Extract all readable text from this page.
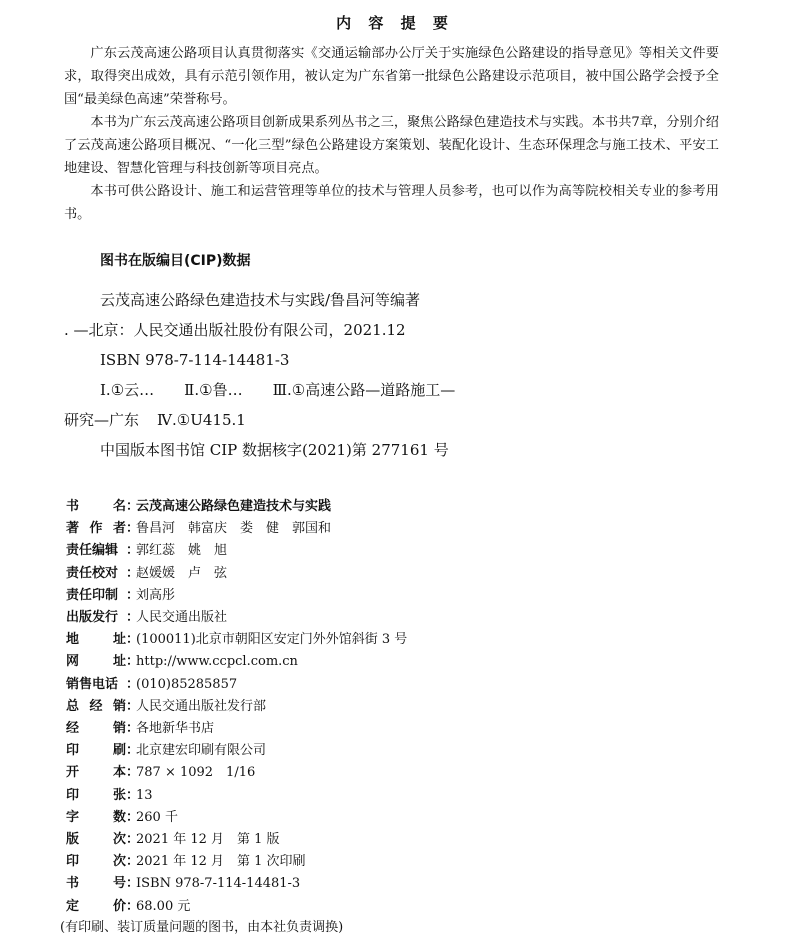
内 容 提 要

广东云茂高速公路项目认真贯彻落实《交通运输部办公厅关于实施绿色公路建设的指导意见》等相关文件要求，取得突出成效，具有示范引领作用，被认定为广东省第一批绿色公路建设示范项目，被中国公路学会授予全国“最美绿色高速”荣誉称号。

本书为广东云茂高速公路项目创新成果系列丛书之三，聚焦公路绿色建造技术与实践。本书共7章，分别介绍了云茂高速公路项目概况、“一化三型”绿色公路建设方案策划、装配化设计、生态环保理念与施工技术、平安工地建设、智慧化管理与科技创新等项目亮点。

本书可供公路设计、施工和运营管理等单位的技术与管理人员参考，也可以作为高等院校相关专业的参考用书。

图书在版编目(CIP)数据
云茂高速公路绿色建造技术与实践/鲁昌河等编著
. —北京：人民交通出版社股份有限公司，2021.12
ISBN 978-7-114-14481-3
Ⅰ.①云… Ⅱ.①鲁… Ⅲ.①高速公路—道路施工—
研究—广东 Ⅳ.①U415.1
中国版本图书馆 CIP 数据核字(2021)第 277161 号
书	名 ：
云茂高速公路绿色建造技术与实践
著 作 者 ：
鲁昌河　韩富庆　娄　健　郭国和
责任编辑 ：
郭红蕊　姚　旭
责任校对 ：
赵媛媛　卢　弦
责任印制 ：
刘高彤
出版发行 ：
人民交通出版社
地	址 ：
(100011)北京市朝阳区安定门外外馆斜街 3 号
网	址 ：
http://www.ccpcl.com.cn
销售电话 ：
(010)85285857
总 经 销 ：
人民交通出版社发行部
经	销 ：
各地新华书店
印	刷 ：
北京建宏印刷有限公司
开	本 ：
787 × 1092　1/16
印	张 ：
13
字	数 ：
260 千
版	次 ：
2021 年 12 月　第 1 版
印	次 ：
2021 年 12 月　第 1 次印刷
书	号 ：
ISBN 978-7-114-14481-3
定	价 ：
68.00 元
(有印刷、装订质量问题的图书，由本社负责调换)
